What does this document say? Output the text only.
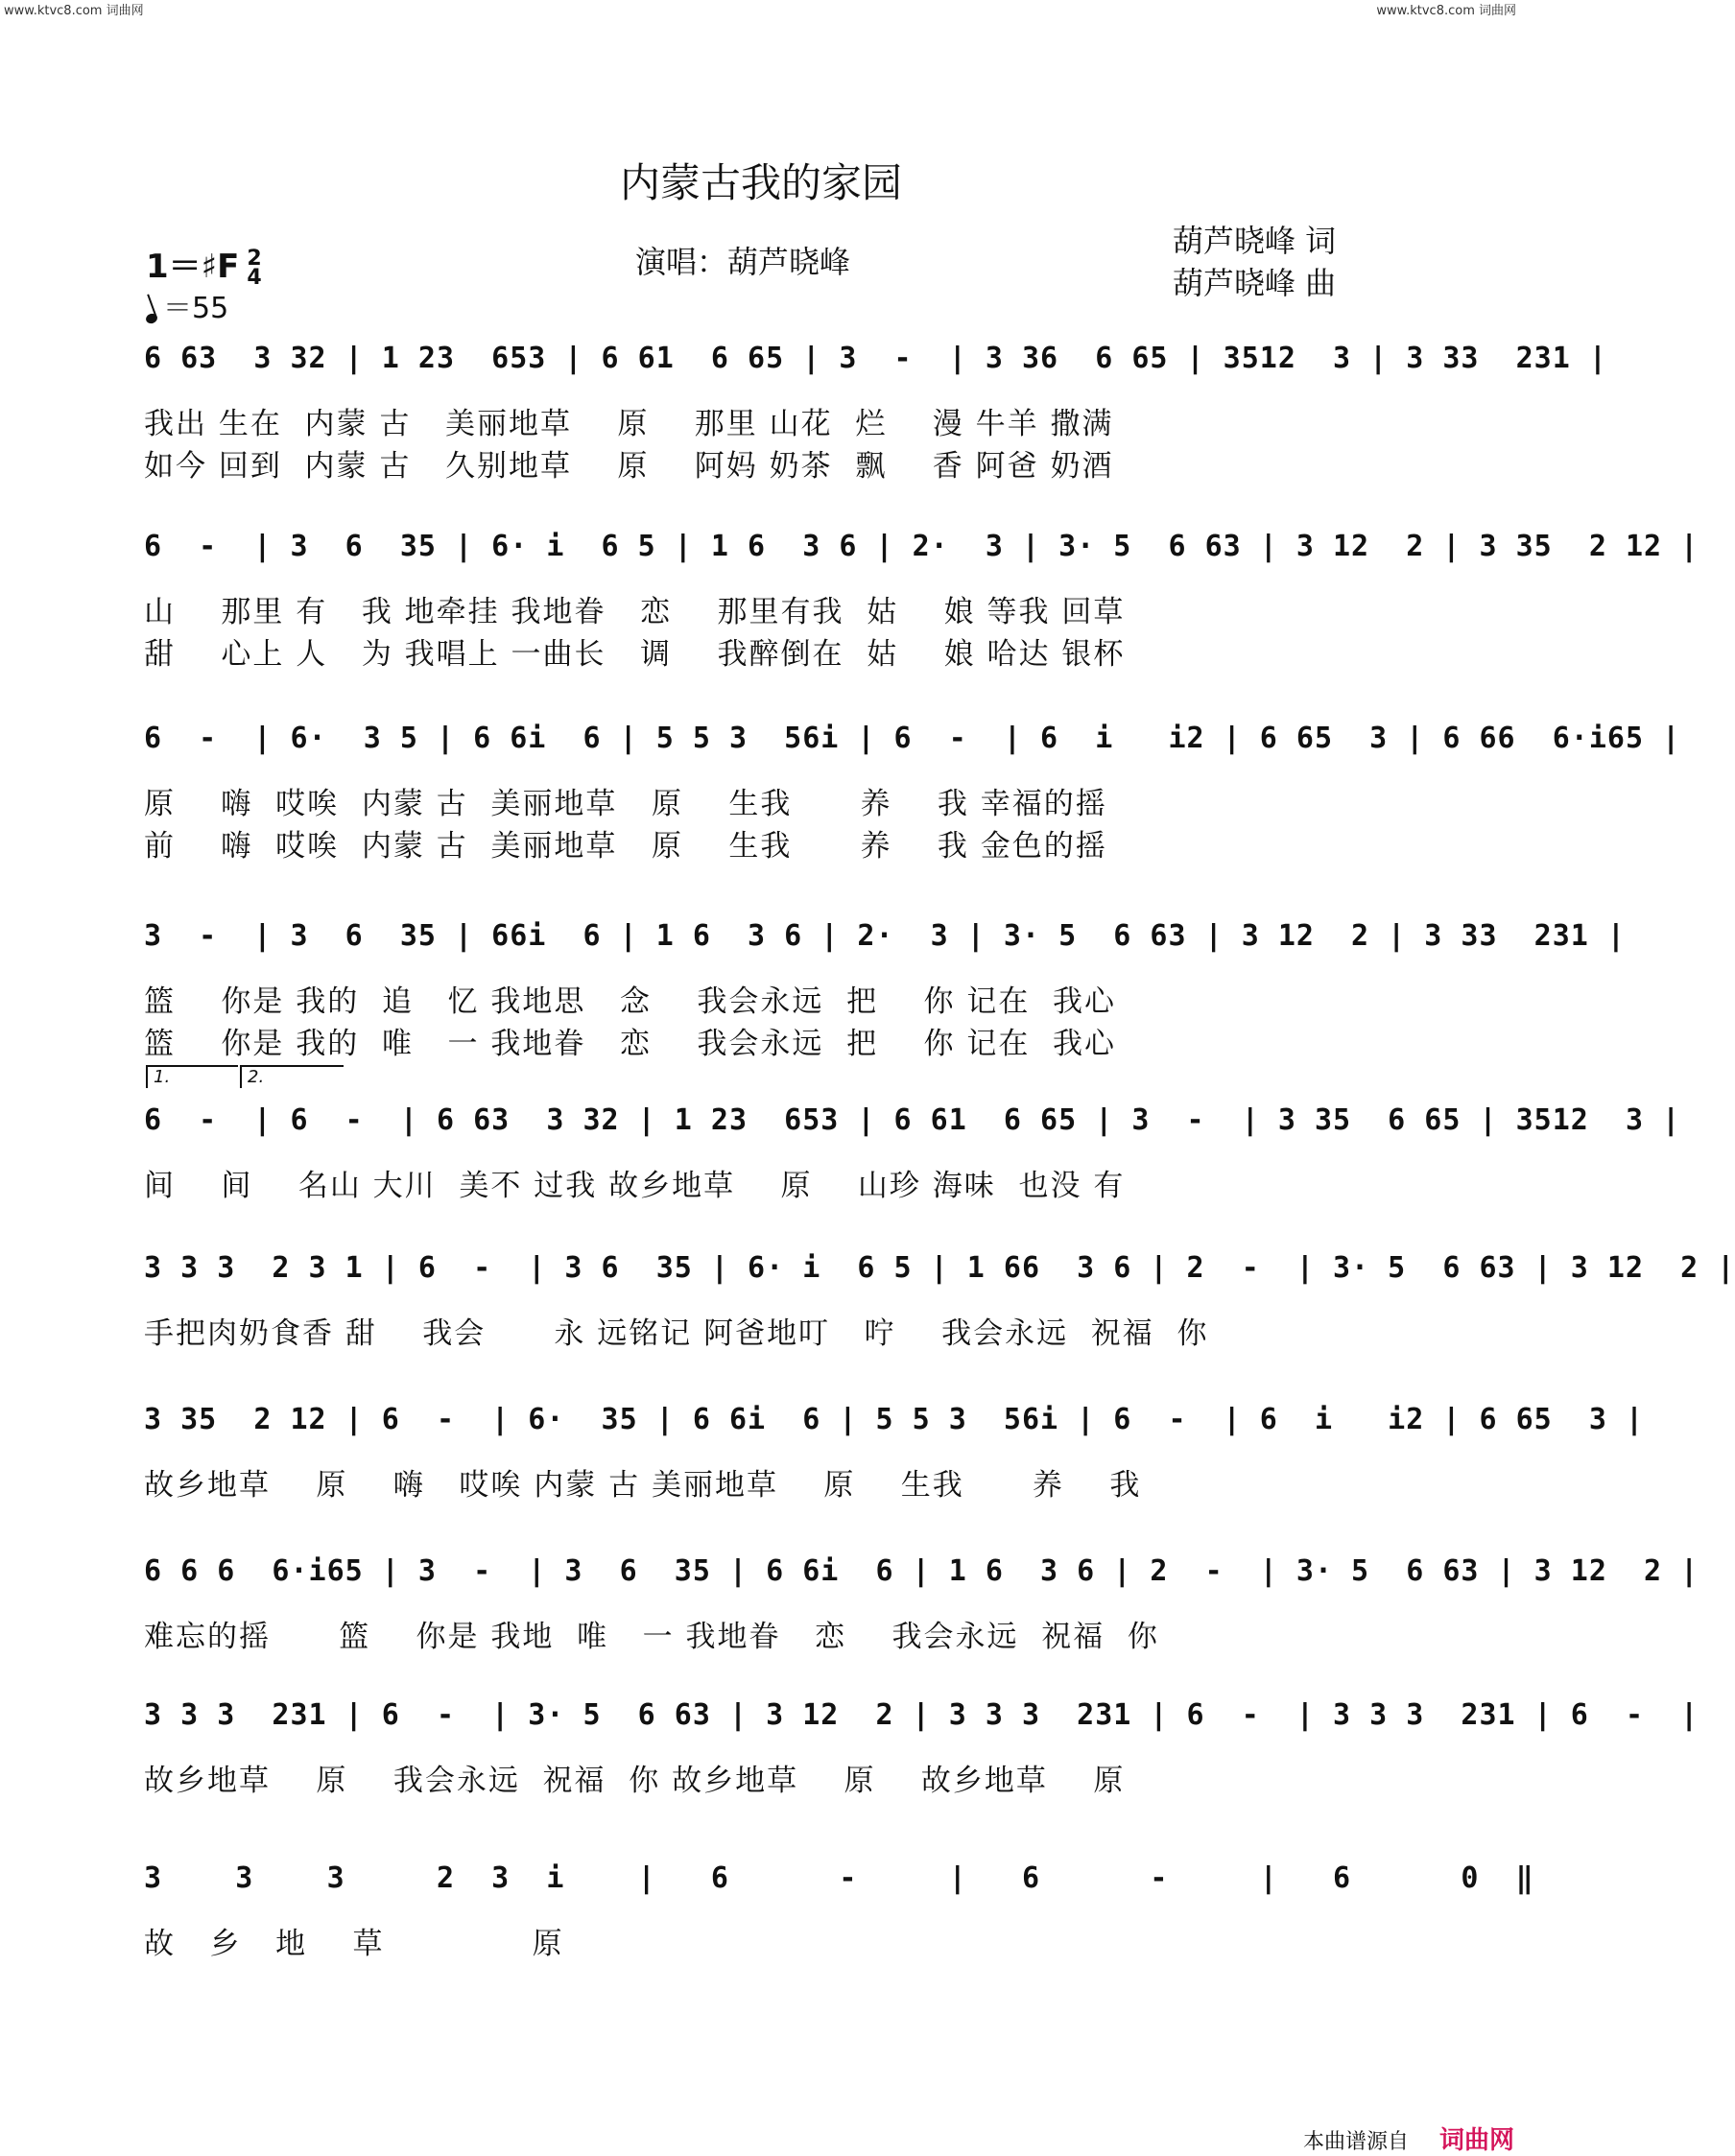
www.ktvc8.com 词曲网	www.ktvc8.com 词曲网
内蒙古我的家园
1＝♯F 2
4
＝55
演唱：葫芦晓峰
葫芦晓峰 词
葫芦晓峰 曲
6 63  3 32 | 1 23  653 | 6 61  6 65 | 3  -  | 3 36  6 65 | 3512  3 | 3 33  231 |
我出 生在  内蒙 古   美丽地草    原    那里 山花  烂    漫 牛羊 撒满
如今 回到  内蒙 古   久别地草    原    阿妈 奶茶  飘    香 阿爸 奶酒
6  -  | 3  6  35 | 6· i  6 5 | 1 6  3 6 | 2·  3 | 3· 5  6 63 | 3 12  2 | 3 35  2 12 |
山    那里 有   我 地牵挂 我地眷   恋    那里有我  姑    娘 等我 回草
甜    心上 人   为 我唱上 一曲长   调    我醉倒在  姑    娘 哈达 银杯
6  -  | 6·  3 5 | 6 6i  6 | 5 5 3  56i | 6  -  | 6  i   i2 | 6 65  3 | 6 66  6·i65 |
原    嗨  哎唉  内蒙 古  美丽地草   原    生我      养    我 幸福的摇
前    嗨  哎唉  内蒙 古  美丽地草   原    生我      养    我 金色的摇
3  -  | 3  6  35 | 66i  6 | 1 6  3 6 | 2·  3 | 3· 5  6 63 | 3 12  2 | 3 33  231 |
篮    你是 我的  追   忆 我地思   念    我会永远  把    你 记在  我心
篮    你是 我的  唯   一 我地眷   恋    我会永远  把    你 记在  我心
1.	2.
6  -  | 6  -  | 6 63  3 32 | 1 23  653 | 6 61  6 65 | 3  -  | 3 35  6 65 | 3512  3 |
间    间    名山 大川  美不 过我 故乡地草    原    山珍 海味  也没 有
3 3 3  2 3 1 | 6  -  | 3 6  35 | 6· i  6 5 | 1 66  3 6 | 2  -  | 3· 5  6 63 | 3 12  2 |
手把肉奶食香 甜    我会      永 远铭记 阿爸地叮   咛    我会永远  祝福  你
3 35  2 12 | 6  -  | 6·  35 | 6 6i  6 | 5 5 3  56i | 6  -  | 6  i   i2 | 6 65  3 |
故乡地草    原    嗨   哎唉 内蒙 古 美丽地草    原    生我      养    我
6 6 6  6·i65 | 3  -  | 3  6  35 | 6 6i  6 | 1 6  3 6 | 2  -  | 3· 5  6 63 | 3 12  2 |
难忘的摇      篮    你是 我地  唯   一 我地眷   恋    我会永远  祝福  你
3 3 3  231 | 6  -  | 3· 5  6 63 | 3 12  2 | 3 3 3  231 | 6  -  | 3 3 3  231 | 6  -  |
故乡地草    原    我会永远  祝福  你 故乡地草    原    故乡地草    原
3    3    3     2  3  i    |   6      -     |   6      -     |   6      0  ‖
故   乡   地    草             原
本曲谱源自 词曲网
